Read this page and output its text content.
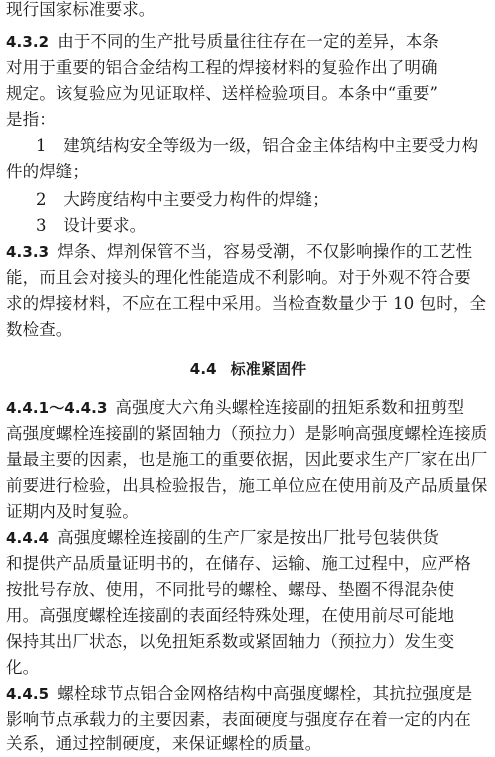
现行国家标准要求。
4.3.2 由于不同的生产批号质量往往存在一定的差异，本条
对用于重要的铝合金结构工程的焊接材料的复验作出了明确
规定。该复验应为见证取样、送样检验项目。本条中“重要”
是指：
1　建筑结构安全等级为一级，铝合金主体结构中主要受力构
件的焊缝；
2　大跨度结构中主要受力构件的焊缝；
3　设计要求。
4.3.3 焊条、焊剂保管不当，容易受潮，不仅影响操作的工艺性
能，而且会对接头的理化性能造成不利影响。对于外观不符合要
求的焊接材料，不应在工程中采用。当检查数量少于 10 包时，全
数检查。
4.4 标准紧固件
4.4.1～4.4.3 高强度大六角头螺栓连接副的扭矩系数和扭剪型
高强度螺栓连接副的紧固轴力（预拉力）是影响高强度螺栓连接质
量最主要的因素，也是施工的重要依据，因此要求生产厂家在出厂
前要进行检验，出具检验报告，施工单位应在使用前及产品质量保
证期内及时复验。
4.4.4 高强度螺栓连接副的生产厂家是按出厂批号包装供货
和提供产品质量证明书的，在储存、运输、施工过程中，应严格
按批号存放、使用，不同批号的螺栓、螺母、垫圈不得混杂使
用。高强度螺栓连接副的表面经特殊处理，在使用前尽可能地
保持其出厂状态，以免扭矩系数或紧固轴力（预拉力）发生变
化。
4.4.5 螺栓球节点铝合金网格结构中高强度螺栓，其抗拉强度是
影响节点承载力的主要因素，表面硬度与强度存在着一定的内在
关系，通过控制硬度，来保证螺栓的质量。
